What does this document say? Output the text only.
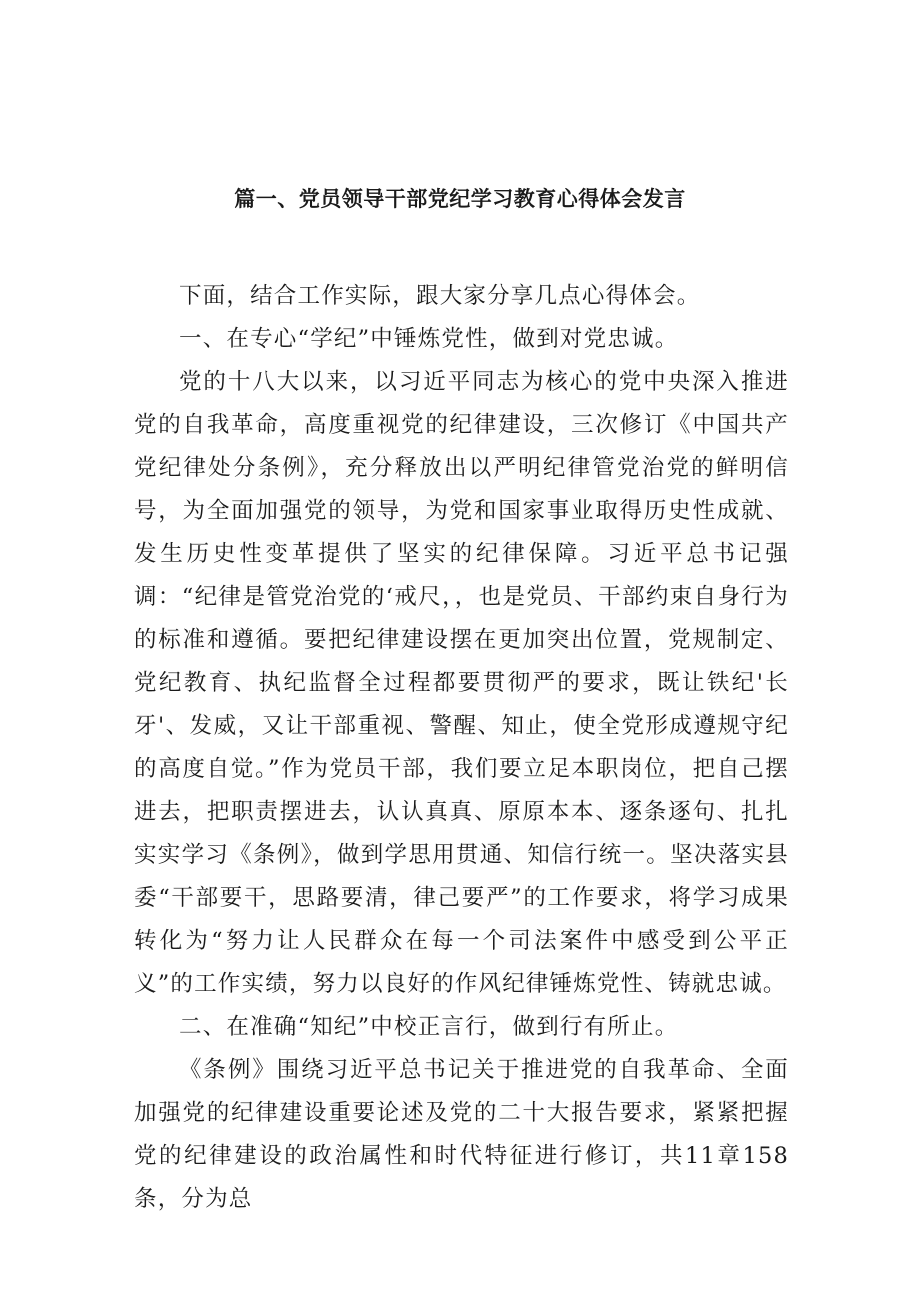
篇一、党员领导干部党纪学习教育心得体会发言

下面，结合工作实际，跟大家分享几点心得体会。

一、在专心“学纪”中锤炼党性，做到对党忠诚。

党的十八大以来，以习近平同志为核心的党中央深入推进党的自我革命，高度重视党的纪律建设，三次修订《中国共产党纪律处分条例》，充分释放出以严明纪律管党治党的鲜明信号，为全面加强党的领导，为党和国家事业取得历史性成就、发生历史性变革提供了坚实的纪律保障。习近平总书记强调：“纪律是管党治党的‘戒尺，，也是党员、干部约束自身行为的标准和遵循。要把纪律建设摆在更加突出位置，党规制定、党纪教育、执纪监督全过程都要贯彻严的要求，既让铁纪'长牙'、发威，又让干部重视、警醒、知止，使全党形成遵规守纪的高度自觉。”作为党员干部，我们要立足本职岗位，把自己摆进去，把职责摆进去，认认真真、原原本本、逐条逐句、扎扎实实学习《条例》，做到学思用贯通、知信行统一。坚决落实县委“干部要干，思路要清，律己要严”的工作要求，将学习成果转化为“努力让人民群众在每一个司法案件中感受到公平正义”的工作实绩，努力以良好的作风纪律锤炼党性、铸就忠诚。

二、在准确“知纪”中校正言行，做到行有所止。

《条例》围绕习近平总书记关于推进党的自我革命、全面加强党的纪律建设重要论述及党的二十大报告要求，紧紧把握党的纪律建设的政治属性和时代特征进行修订，共11章158条，分为总
